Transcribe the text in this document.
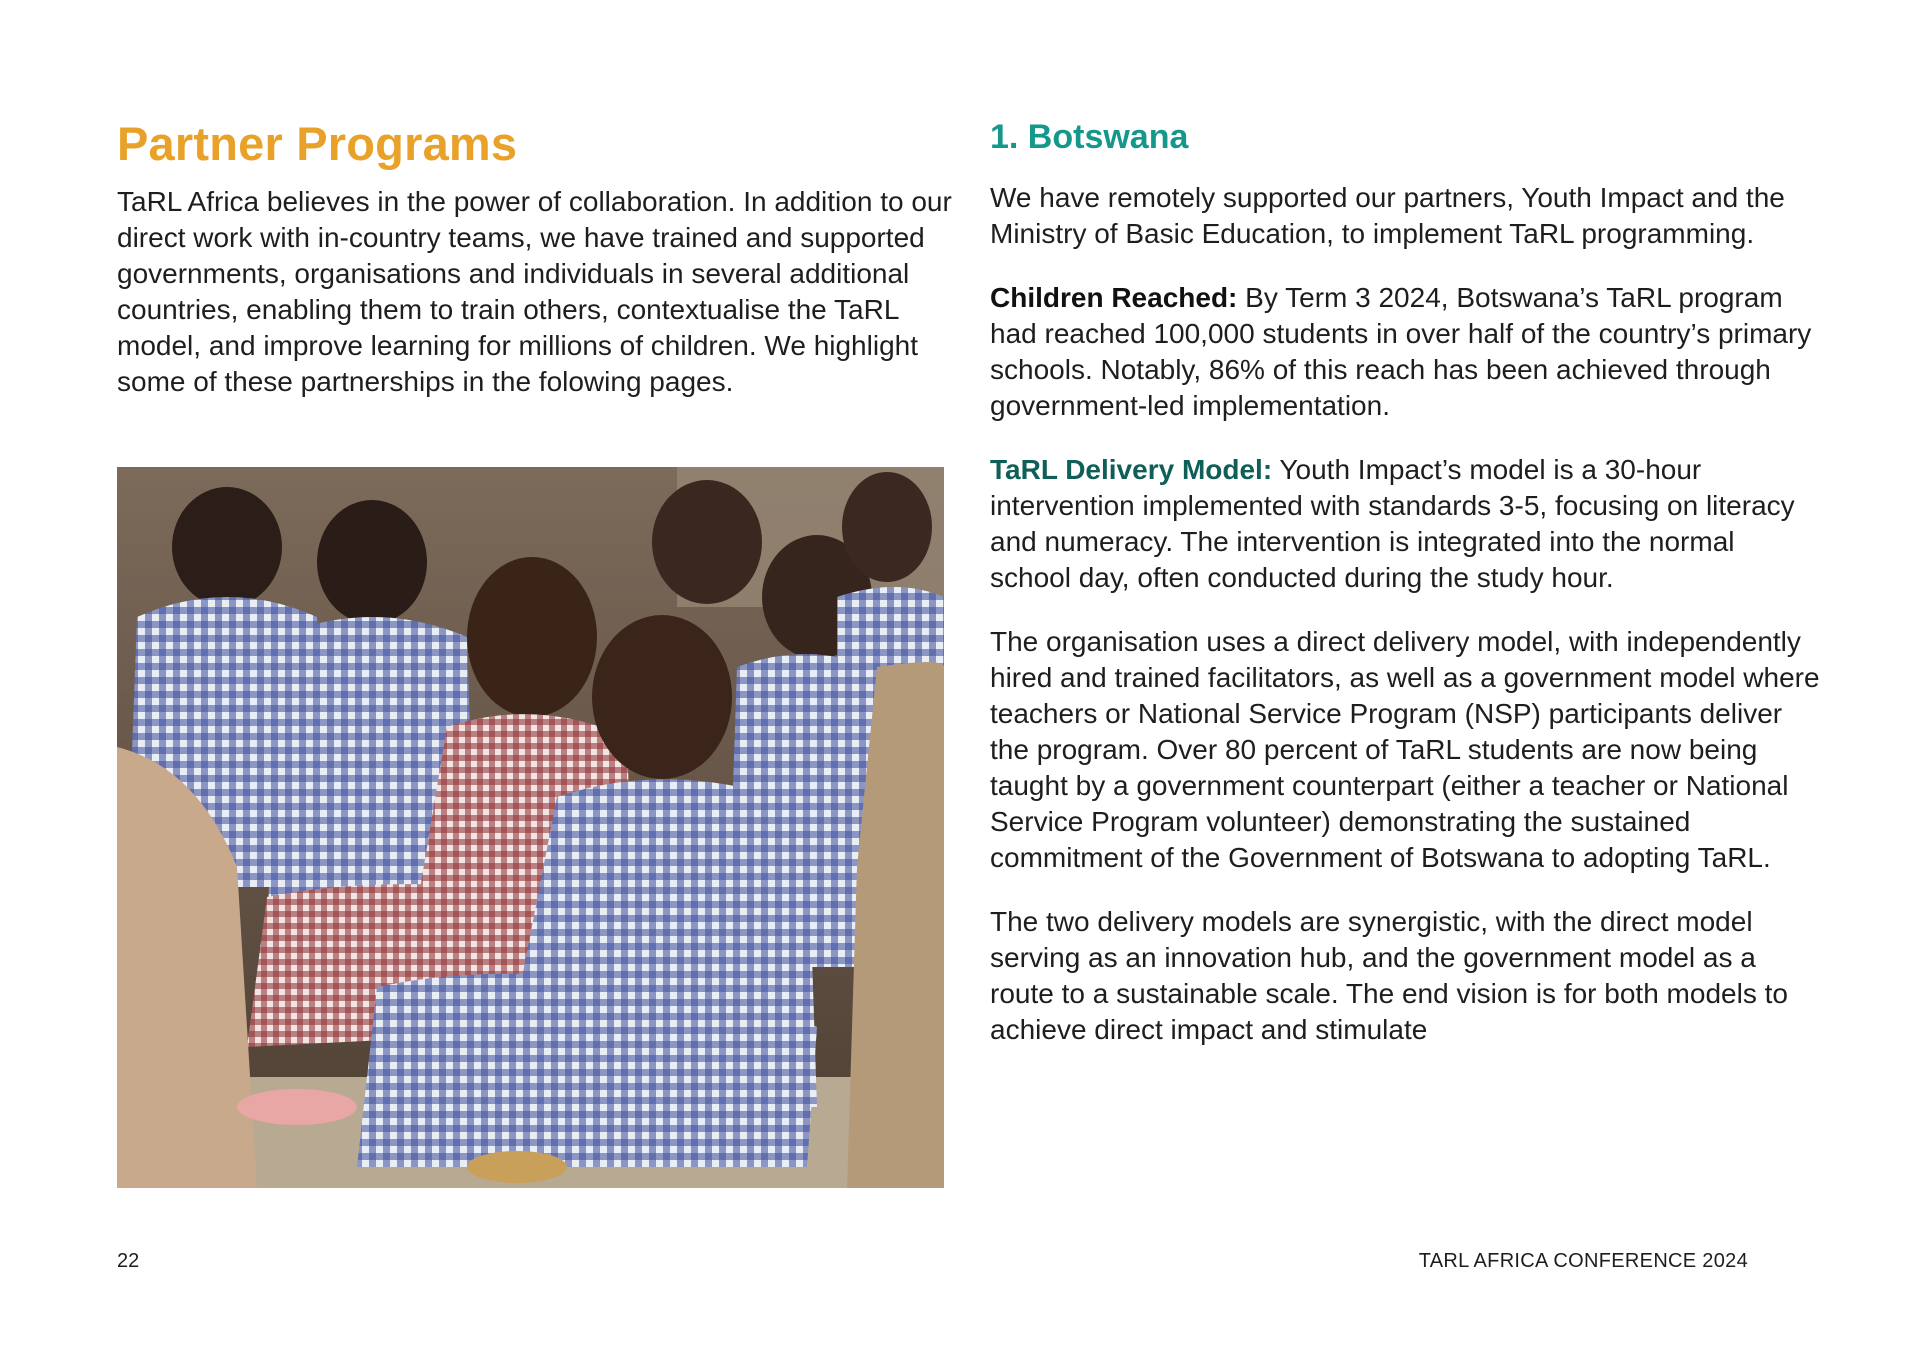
Partner Programs

TaRL Africa believes in the power of collaboration. In addition to our direct work with in-country teams, we have trained and supported governments, organisations and individuals in several additional countries, enabling them to train others, contextualise the TaRL model, and improve learning for millions of children. We highlight some of these partnerships in the folowing pages.

1. Botswana

We have remotely supported our partners, Youth Impact and the Ministry of Basic Education, to implement TaRL programming.

Children Reached: By Term 3 2024, Botswana’s TaRL program had reached 100,000 students in over half of the country’s primary schools. Notably, 86% of this reach has been achieved through government-led implementation.

TaRL Delivery Model: Youth Impact’s model is a 30-hour intervention implemented with standards 3-5, focusing on literacy and numeracy. The intervention is integrated into the normal school day, often conducted during the study hour.

The organisation uses a direct delivery model, with independently hired and trained facilitators, as well as a government model where teachers or National Service Program (NSP) participants deliver the program. Over 80 percent of TaRL students are now being taught by a government counterpart (either a teacher or National Service Program volunteer) demonstrating the sustained commitment of the Government of Botswana to adopting TaRL.

The two delivery models are synergistic, with the direct model serving as an innovation hub, and the government model as a route to a sustainable scale. The end vision is for both models to achieve direct impact and stimulate

22	TARL AFRICA CONFERENCE 2024
